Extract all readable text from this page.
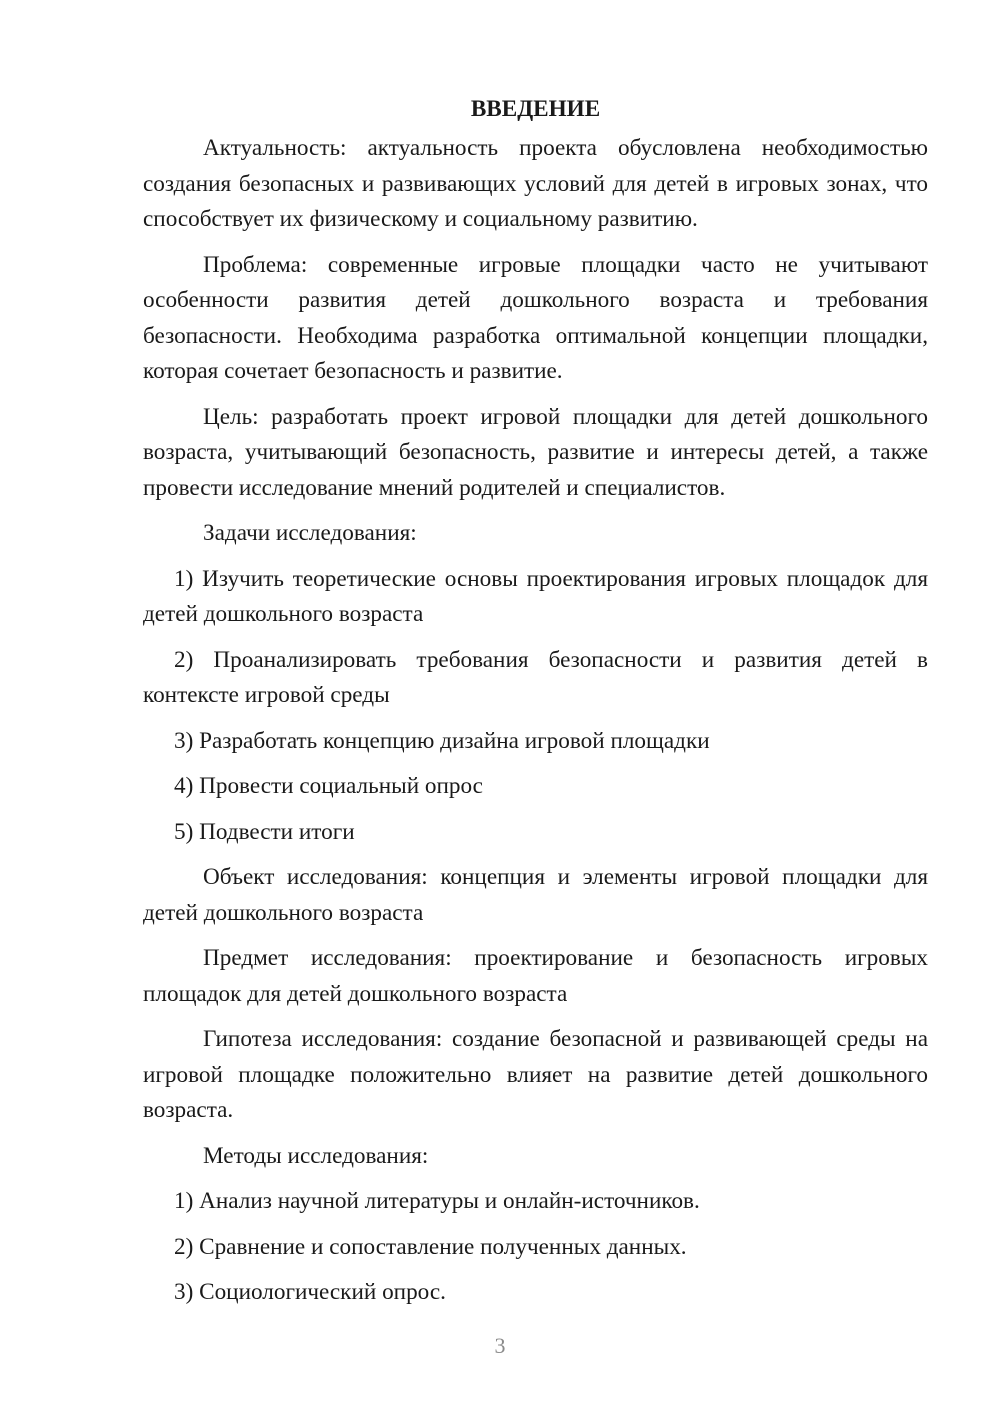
ВВЕДЕНИЕ

Актуальность: актуальность проекта обусловлена необходимостью создания безопасных и развивающих условий для детей в игровых зонах, что способствует их физическому и социальному развитию.

Проблема: современные игровые площадки часто не учитывают особенности развития детей дошкольного возраста и требования безопасности. Необходима разработка оптимальной концепции площадки, которая сочетает безопасность и развитие.

Цель: разработать проект игровой площадки для детей дошкольного возраста, учитывающий безопасность, развитие и интересы детей, а также провести исследование мнений родителей и специалистов.

Задачи исследования:

1) Изучить теоретические основы проектирования игровых площадок для детей дошкольного возраста

2) Проанализировать требования безопасности и развития детей в контексте игровой среды

3) Разработать концепцию дизайна игровой площадки

4) Провести социальный опрос

5) Подвести итоги

Объект исследования: концепция и элементы игровой площадки для детей дошкольного возраста

Предмет исследования: проектирование и безопасность игровых площадок для детей дошкольного возраста

Гипотеза исследования: создание безопасной и развивающей среды на игровой площадке положительно влияет на развитие детей дошкольного возраста.

Методы исследования:

1) Анализ научной литературы и онлайн-источников.

2) Сравнение и сопоставление полученных данных.

3) Социологический опрос.

3
